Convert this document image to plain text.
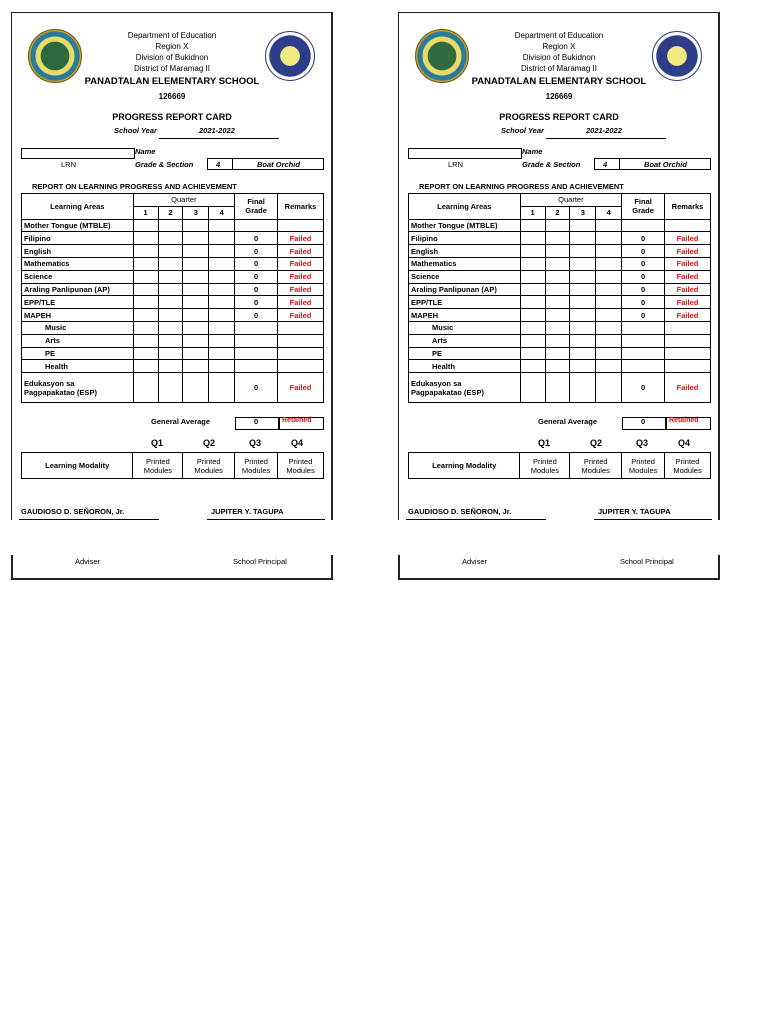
Department of Education
Region X
Division of Bukidnon
District of Maramag II
PANADTALAN ELEMENTARY SCHOOL
126669
PROGRESS REPORT CARD
School Year	2021-2022
Name
LRN	Grade & Section	4	Boat Orchid
REPORT ON LEARNING PROGRESS AND ACHIEVEMENT
Learning Areas	Quarter				Final Grade	Remarks
	1	2	3	4		
Mother Tongue (MTBLE)						
Filipino					0	Failed
English					0	Failed
Mathematics					0	Failed
Science					0	Failed
Araling Panlipunan (AP)					0	Failed
EPP/TLE					0	Failed
MAPEH					0	Failed
Music						
Arts						
PE						
Health						
Edukasyon sa
Pagpapakatao (ESP)					0	Failed
General Average	0	Retained
Q1	Q2	Q3	Q4
Learning Modality	Printed Modules	Printed Modules	Printed Modules	Printed Modules
GAUDIOSO D. SEÑORON, Jr.	JUPITER Y. TAGUPA
Adviser	School Principal
Department of Education
Region X
Division of Bukidnon
District of Maramag II
PANADTALAN ELEMENTARY SCHOOL
126669
PROGRESS REPORT CARD
School Year	2021-2022
Name
LRN	Grade & Section	4	Boat Orchid
REPORT ON LEARNING PROGRESS AND ACHIEVEMENT
Learning Areas	Quarter				Final Grade	Remarks
	1	2	3	4		
Mother Tongue (MTBLE)						
Filipino					0	Failed
English					0	Failed
Mathematics					0	Failed
Science					0	Failed
Araling Panlipunan (AP)					0	Failed
EPP/TLE					0	Failed
MAPEH					0	Failed
Music						
Arts						
PE						
Health						
Edukasyon sa
Pagpapakatao (ESP)					0	Failed
General Average	0	Retained
Q1	Q2	Q3	Q4
Learning Modality	Printed Modules	Printed Modules	Printed Modules	Printed Modules
GAUDIOSO D. SEÑORON, Jr.	JUPITER Y. TAGUPA
Adviser	School Principal
